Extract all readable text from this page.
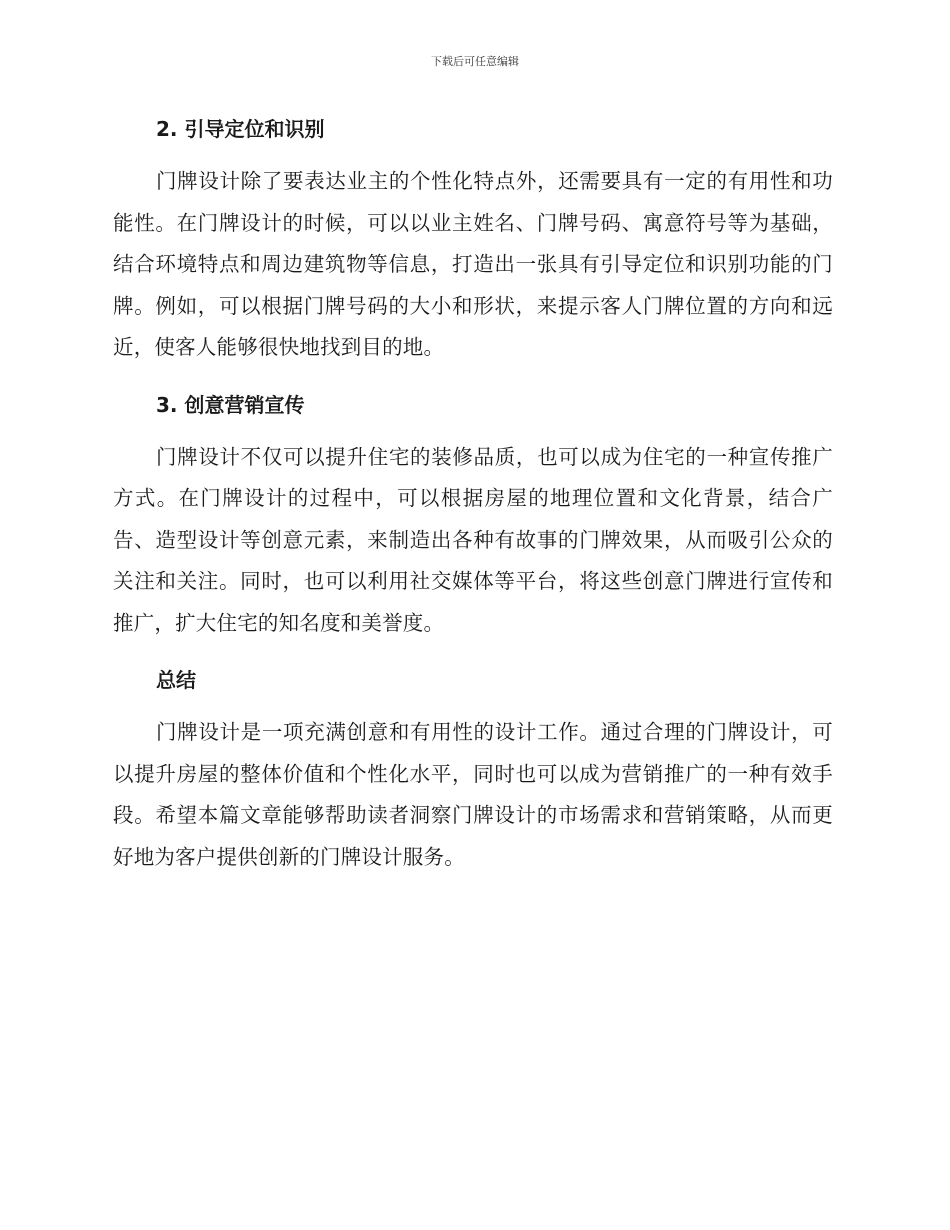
下载后可任意编辑
2. 引导定位和识别

门牌设计除了要表达业主的个性化特点外，还需要具有一定的有用性和功能性。在门牌设计的时候，可以以业主姓名、门牌号码、寓意符号等为基础，结合环境特点和周边建筑物等信息，打造出一张具有引导定位和识别功能的门牌。例如，可以根据门牌号码的大小和形状，来提示客人门牌位置的方向和远近，使客人能够很快地找到目的地。

3. 创意营销宣传

门牌设计不仅可以提升住宅的装修品质，也可以成为住宅的一种宣传推广方式。在门牌设计的过程中，可以根据房屋的地理位置和文化背景，结合广告、造型设计等创意元素，来制造出各种有故事的门牌效果，从而吸引公众的关注和关注。同时，也可以利用社交媒体等平台，将这些创意门牌进行宣传和推广，扩大住宅的知名度和美誉度。

总结

门牌设计是一项充满创意和有用性的设计工作。通过合理的门牌设计，可以提升房屋的整体价值和个性化水平，同时也可以成为营销推广的一种有效手段。希望本篇文章能够帮助读者洞察门牌设计的市场需求和营销策略，从而更好地为客户提供创新的门牌设计服务。
